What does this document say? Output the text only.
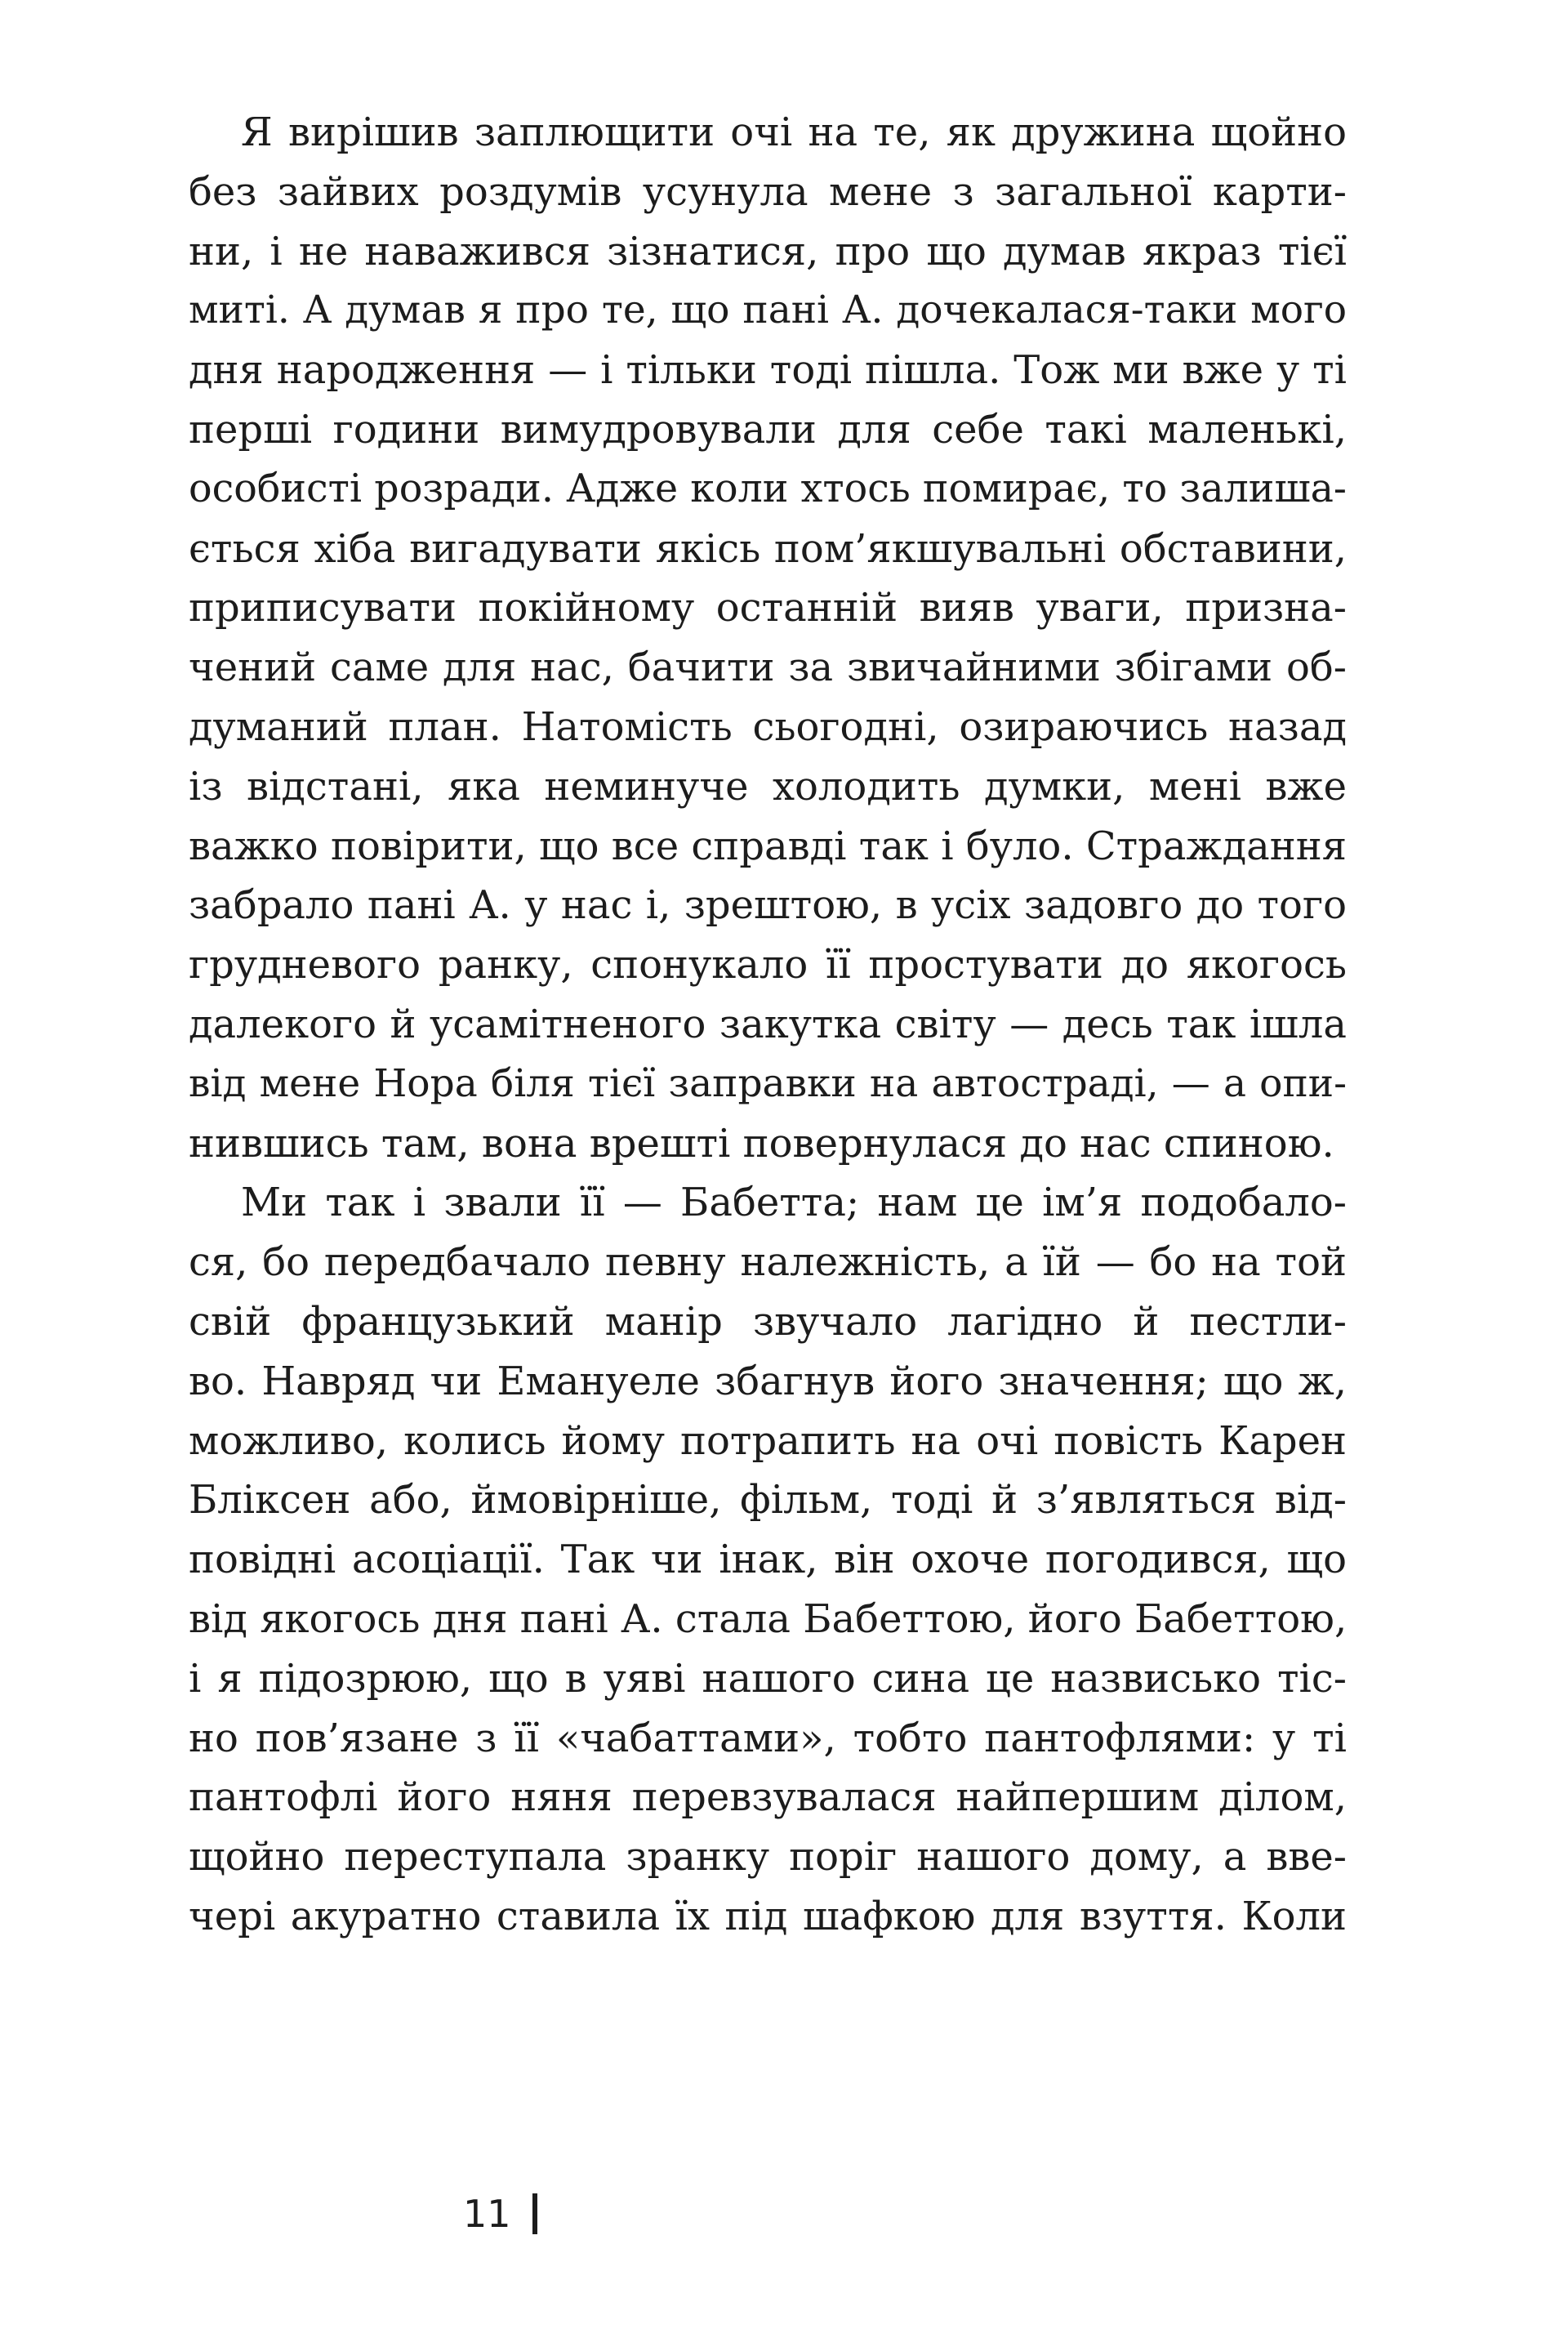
Я вирішив заплющити очі на те, як дружина щойно
без зайвих роздумів усунула мене з загальної карти-
ни, і не наважився зізнатися, про що думав якраз тієї
миті. А думав я про те, що пані А. дочекалася-таки мого
дня народження — і тільки тоді пішла. Тож ми вже у ті
перші години вимудровували для себе такі маленькі,
особисті розради. Адже коли хтось помирає, то залиша-
ється хіба вигадувати якісь пом’якшувальні обставини,
приписувати покійному останній вияв уваги, призна-
чений саме для нас, бачити за звичайними збігами об-
думаний план. Натомість сьогодні, озираючись назад
із відстані, яка неминуче холодить думки, мені вже
важко повірити, що все справді так і було. Страждання
забрало пані А. у нас і, зрештою, в усіх задовго до того
грудневого ранку, спонукало її простувати до якогось
далекого й усамітненого закутка світу — десь так ішла
від мене Нора біля тієї заправки на автостраді, — а опи-
нившись там, вона врешті повернулася до нас спиною.
Ми так і звали її — Бабетта; нам це ім’я подобало-
ся, бо передбачало певну належність, а їй — бо на той
свій французький манір звучало лагідно й пестли-
во. Навряд чи Емануеле збагнув його значення; що ж,
можливо, колись йому потрапить на очі повість Карен
Бліксен або, ймовірніше, фільм, тоді й з’являться від-
повідні асоціації. Так чи інак, він охоче погодився, що
від якогось дня пані А. стала Бабеттою, його Бабеттою,
і я підозрюю, що в уяві нашого сина це назвисько тіс-
но пов’язане з її «чабаттами», тобто пантофлями: у ті
пантофлі його няня перевзувалася найпершим ділом,
щойно переступала зранку поріг нашого дому, а вве-
чері акуратно ставила їх під шафкою для взуття. Коли
11
